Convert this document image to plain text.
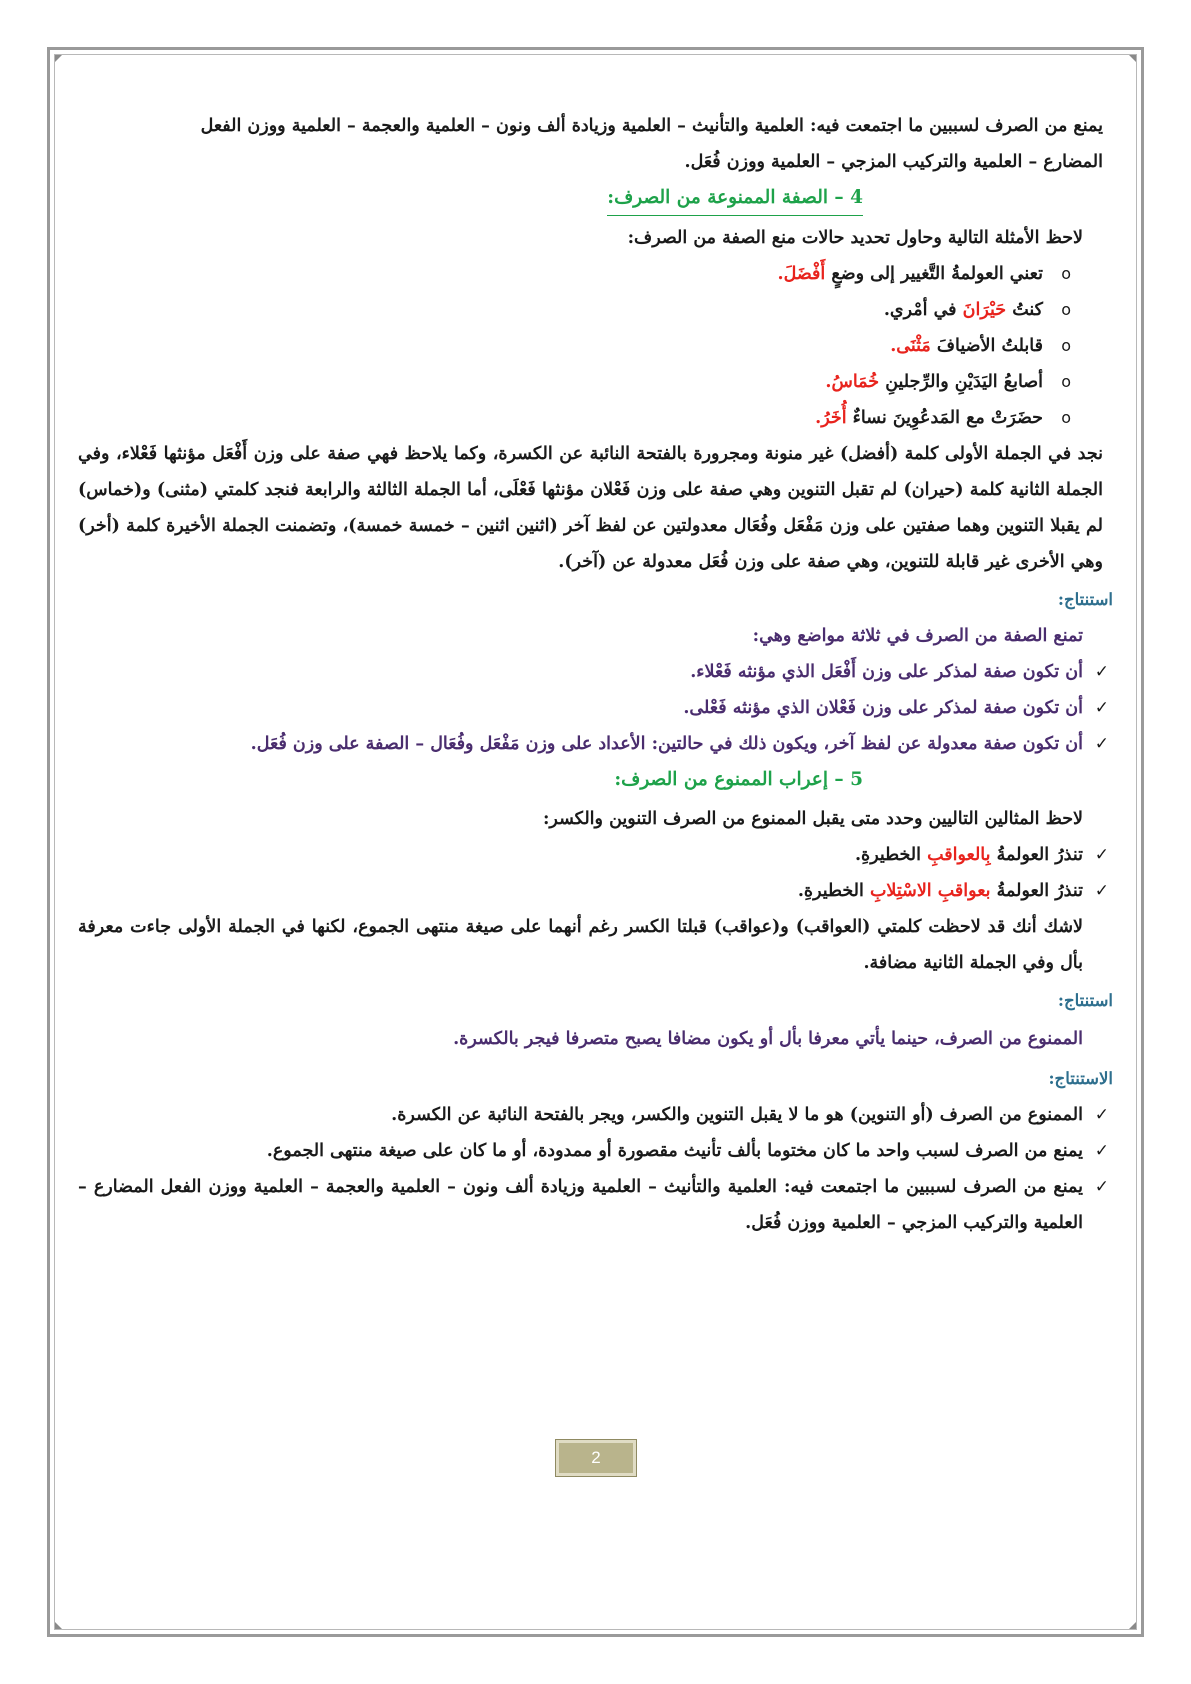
يمنع من الصرف لسببين ما اجتمعت فيه: العلمية والتأنيث – العلمية وزيادة ألف ونون – العلمية والعجمة – العلمية ووزن الفعل
المضارع – العلمية والتركيب المزجي – العلمية ووزن فُعَل.

4 – الصفة الممنوعة من الصرف:

لاحظ الأمثلة التالية وحاول تحديد حالات منع الصفة من الصرف:

o
تعني العولمةُ التَّغيير إلى وضعٍ أَفْضَلَ.
o
كنتُ حَيْرَانَ في أمْري.
o
قابلتُ الأضيافَ مَثْنَى.
o
أصابعُ اليَدَيْنِ والرِّجلينِ خُمَاسُ.
o
حضَرَتْ مع المَدعُوِينَ نساءٌ أُخَرُ.

نجد في الجملة الأولى كلمة (أفضل) غير منونة ومجرورة بالفتحة النائبة عن الكسرة، وكما يلاحظ فهي صفة على وزن أَفْعَل مؤنثها فَعْلاء، وفي الجملة الثانية كلمة (حيران) لم تقبل التنوين وهي صفة على وزن فَعْلان مؤنثها فَعْلَى، أما الجملة الثالثة والرابعة فنجد كلمتي (مثنى) و(خماس) لم يقبلا التنوين وهما صفتين على وزن مَفْعَل وفُعَال معدولتين عن لفظ آخر (اثنين اثنين – خمسة خمسة)، وتضمنت الجملة الأخيرة كلمة (أخر) وهي الأخرى غير قابلة للتنوين، وهي صفة على وزن فُعَل معدولة عن (آخر).

استنتاج:

تمنع الصفة من الصرف في ثلاثة مواضع وهي:

✓
أن تكون صفة لمذكر على وزن أَفْعَل الذي مؤنثه فَعْلاء.
✓
أن تكون صفة لمذكر على وزن فَعْلان الذي مؤنثه فَعْلى.
✓
أن تكون صفة معدولة عن لفظ آخر، ويكون ذلك في حالتين: الأعداد على وزن مَفْعَل وفُعَال – الصفة على وزن فُعَل.
5 – إعراب الممنوع من الصرف:

لاحظ المثالين التاليين وحدد متى يقبل الممنوع من الصرف التنوين والكسر:

✓
تنذرُ العولمةُ بِالعواقبِ الخطيرةِ.
✓
تنذرُ العولمةُ بعواقبِ الاسْتِلابِ الخطيرةِ.

لاشك أنك قد لاحظت كلمتي (العواقب) و(عواقب) قبلتا الكسر رغم أنهما على صيغة منتهى الجموع، لكنها في الجملة الأولى جاءت معرفة بأل وفي الجملة الثانية مضافة.

استنتاج:

الممنوع من الصرف، حينما يأتي معرفا بأل أو يكون مضافا يصبح متصرفا فيجر بالكسرة.

الاستنتاج:

✓
الممنوع من الصرف (أو التنوين) هو ما لا يقبل التنوين والكسر، ويجر بالفتحة النائبة عن الكسرة.
✓
يمنع من الصرف لسبب واحد ما كان مختوما بألف تأنيث مقصورة أو ممدودة، أو ما كان على صيغة منتهى الجموع.
✓
يمنع من الصرف لسببين ما اجتمعت فيه: العلمية والتأنيث – العلمية وزيادة ألف ونون – العلمية والعجمة – العلمية ووزن الفعل المضارع – العلمية والتركيب المزجي – العلمية ووزن فُعَل.
2
